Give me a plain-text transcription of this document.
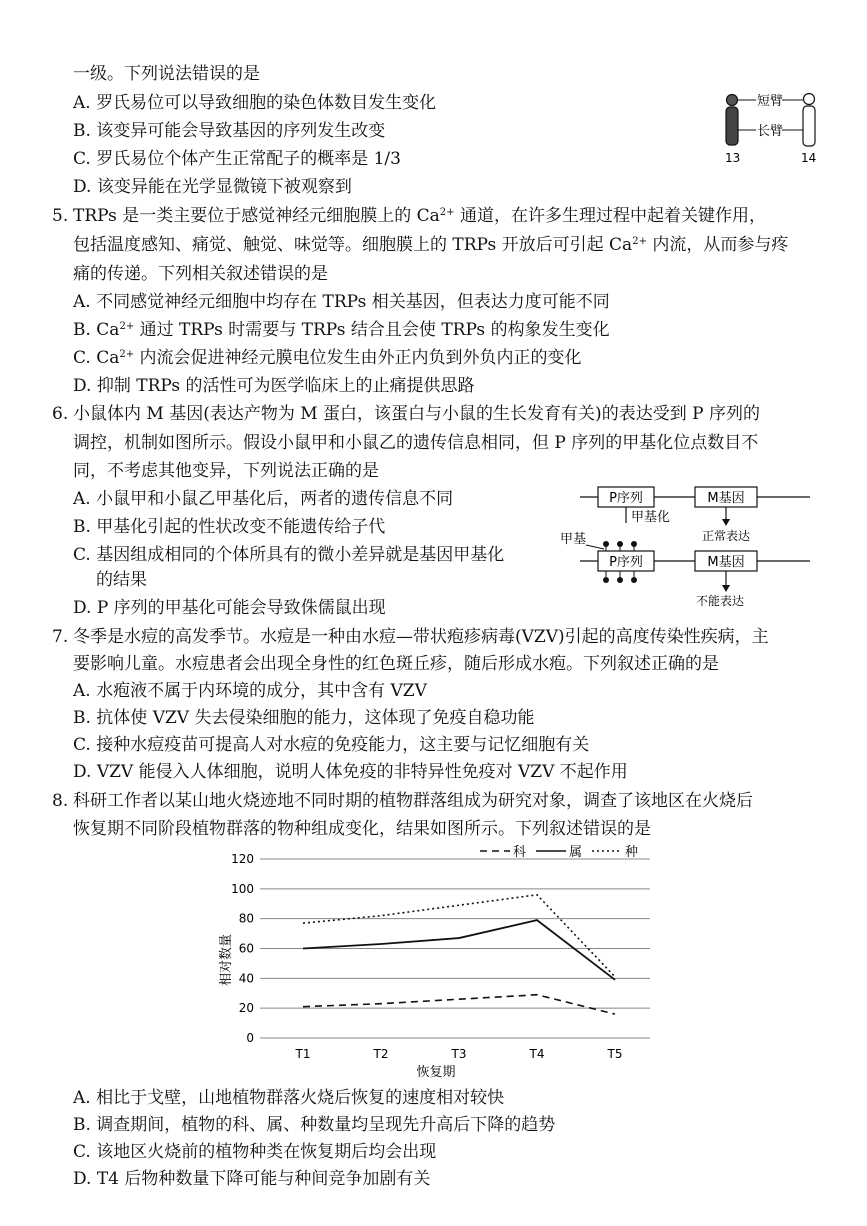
一级。下列说法错误的是
A. 罗氏易位可以导致细胞的染色体数目发生变化
B. 该变异可能会导致基因的序列发生改变
C. 罗氏易位个体产生正常配子的概率是 1/3
D. 该变异能在光学显微镜下被观察到
短臂
长臂
13	14
5. TRPs 是一类主要位于感觉神经元细胞膜上的 $Ca^{2+}$ 通道，在许多生理过程中起着关键作用，
包括温度感知、痛觉、触觉、味觉等。细胞膜上的 TRPs 开放后可引起 $Ca^{2+}$ 内流，从而参与疼
痛的传递。下列相关叙述错误的是
A. 不同感觉神经元细胞中均存在 TRPs 相关基因，但表达力度可能不同
B. $Ca^{2+}$ 通过 TRPs 时需要与 TRPs 结合且会使 TRPs 的构象发生变化
C. $Ca^{2+}$ 内流会促进神经元膜电位发生由外正内负到外负内正的变化
D. 抑制 TRPs 的活性可为医学临床上的止痛提供思路
6. 小鼠体内 M 基因(表达产物为 M 蛋白，该蛋白与小鼠的生长发育有关)的表达受到 P 序列的
调控，机制如图所示。假设小鼠甲和小鼠乙的遗传信息相同，但 P 序列的甲基化位点数目不
同，不考虑其他变异，下列说法正确的是
A. 小鼠甲和小鼠乙甲基化后，两者的遗传信息不同
B. 甲基化引起的性状改变不能遗传给子代
C. 基因组成相同的个体所具有的微小差异就是基因甲基化
的结果
D. P 序列的甲基化可能会导致侏儒鼠出现
P序列	M基因
甲基化
正常表达
P序列	M基因
甲基
不能表达
7. 冬季是水痘的高发季节。水痘是一种由水痘—带状疱疹病毒(VZV)引起的高度传染性疾病，主
要影响儿童。水痘患者会出现全身性的红色斑丘疹，随后形成水疱。下列叙述正确的是
A. 水疱液不属于内环境的成分，其中含有 VZV
B. 抗体使 VZV 失去侵染细胞的能力，这体现了免疫自稳功能
C. 接种水痘疫苗可提高人对水痘的免疫能力，这主要与记忆细胞有关
D. VZV 能侵入人体细胞，说明人体免疫的非特异性免疫对 VZV 不起作用
8. 科研工作者以某山地火烧迹地不同时期的植物群落组成为研究对象，调查了该地区在火烧后
恢复期不同阶段植物群落的物种组成变化，结果如图所示。下列叙述错误的是
0
20
40
60
80
100
120
T1	T2	T3	T4	T5
科	属	种
相对数量
恢复期
A. 相比于戈壁，山地植物群落火烧后恢复的速度相对较快
B. 调查期间，植物的科、属、种数量均呈现先升高后下降的趋势
C. 该地区火烧前的植物种类在恢复期后均会出现
D. T4 后物种数量下降可能与种间竞争加剧有关
